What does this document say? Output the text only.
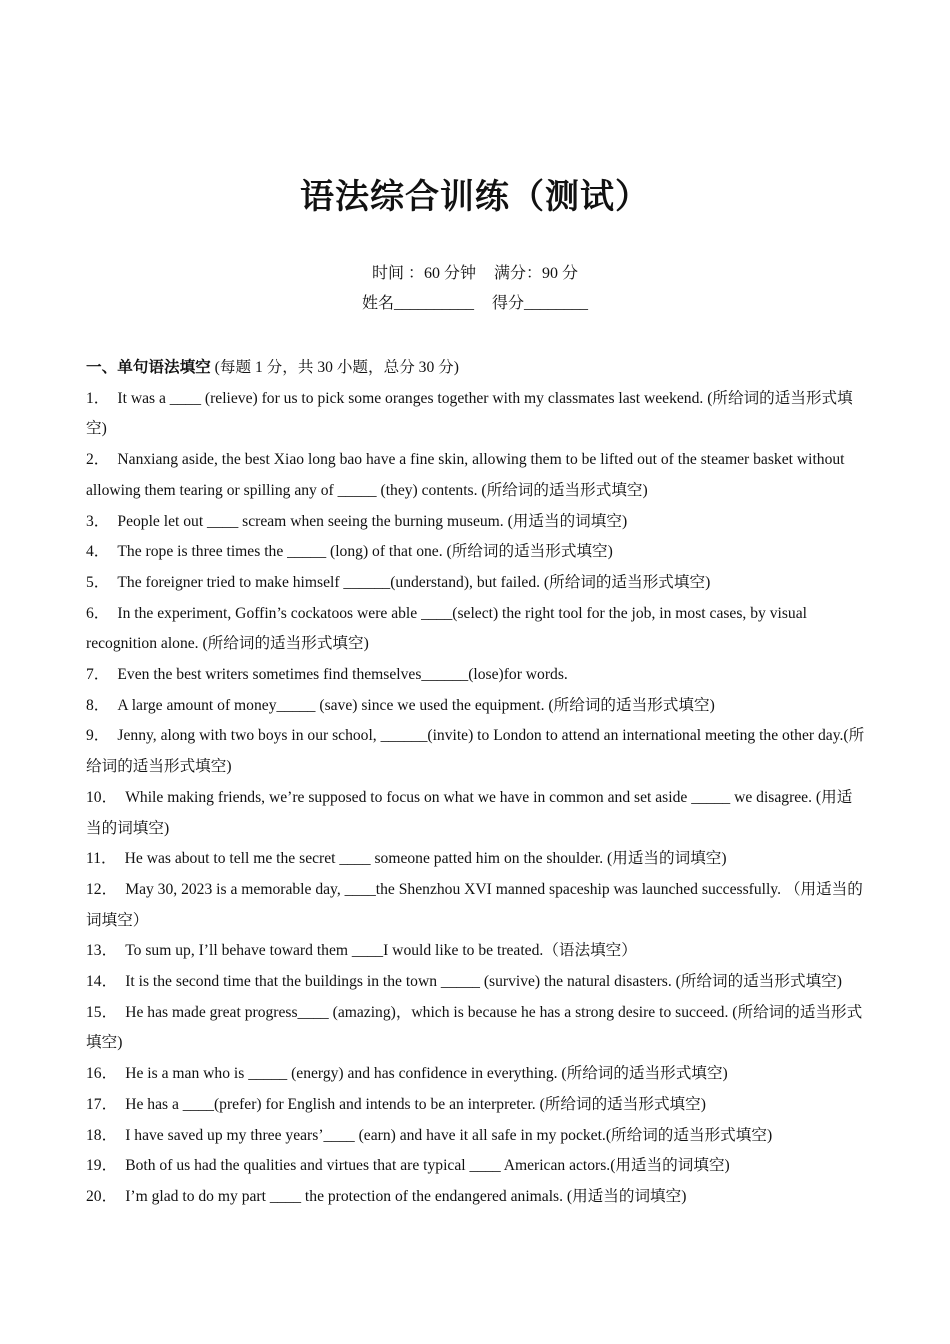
语法综合训练（测试）
时间 ：60 分钟 满分：90 分
姓名__________ 得分________

一、单句语法填空 (每题 1 分，共 30 小题，总分 30 分)

1． It was a ____ (relieve) for us to pick some oranges together with my classmates last weekend. (所给词的适当形式填空)

2． Nanxiang aside, the best Xiao long bao have a fine skin, allowing them to be lifted out of the steamer basket without allowing them tearing or spilling any of _____ (they) contents. (所给词的适当形式填空)

3． People let out ____ scream when seeing the burning museum. (用适当的词填空)

4． The rope is three times the _____ (long) of that one. (所给词的适当形式填空)

5． The foreigner tried to make himself ______(understand), but failed. (所给词的适当形式填空)

6． In the experiment, Goffin’s cockatoos were able ____(select) the right tool for the job, in most cases, by visual recognition alone. (所给词的适当形式填空)

7． Even the best writers sometimes find themselves______(lose)for words.

8． A large amount of money_____ (save) since we used the equipment. (所给词的适当形式填空)

9． Jenny, along with two boys in our school, ______(invite) to London to attend an international meeting the other day.(所给词的适当形式填空)

10． While making friends, we’re supposed to focus on what we have in common and set aside _____ we disagree. (用适当的词填空)

11． He was about to tell me the secret ____ someone patted him on the shoulder. (用适当的词填空)

12． May 30, 2023 is a memorable day, ____the Shenzhou XVI manned spaceship was launched successfully. （用适当的词填空）

13． To sum up, I’ll behave toward them ____I would like to be treated.（语法填空）

14． It is the second time that the buildings in the town _____ (survive) the natural disasters. (所给词的适当形式填空)

15． He has made great progress____ (amazing)，which is because he has a strong desire to succeed. (所给词的适当形式填空)

16． He is a man who is _____ (energy) and has confidence in everything. (所给词的适当形式填空)

17． He has a ____(prefer) for English and intends to be an interpreter. (所给词的适当形式填空)

18． I have saved up my three years’____ (earn) and have it all safe in my pocket.(所给词的适当形式填空)

19． Both of us had the qualities and virtues that are typical ____ American actors.(用适当的词填空)

20． I’m glad to do my part ____ the protection of the endangered animals. (用适当的词填空)
